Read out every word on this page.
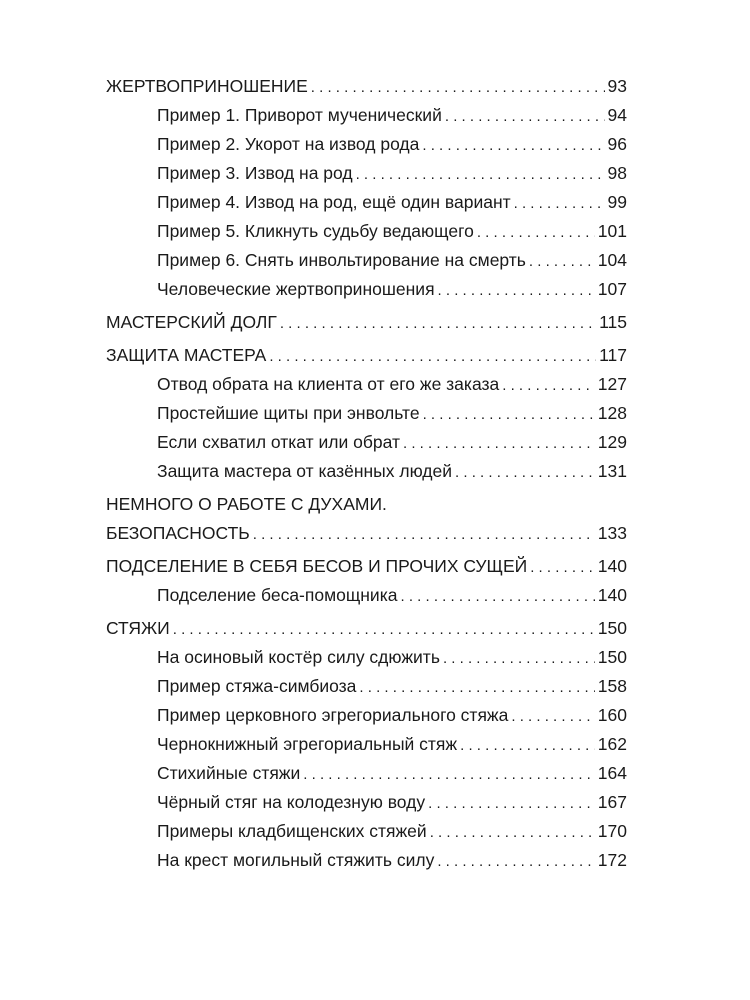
ЖЕРТВОПРИНОШЕНИЕ . . .	93
Пример 1. Приворот мученический . . .	94
Пример 2. Укорот на извод рода . . .	96
Пример 3. Извод на род . . .	98
Пример 4. Извод на род, ещё один вариант . . .	99
Пример 5. Кликнуть судьбу ведающего . . .	101
Пример 6. Снять инвольтирование на смерть . . .	104
Человеческие жертвоприношения . . .	107
МАСТЕРСКИЙ ДОЛГ . . .	115
ЗАЩИТА МАСТЕРА . . .	117
Отвод обрата на клиента от его же заказа . . .	127
Простейшие щиты при энвольте . . .	128
Если схватил откат или обрат . . .	129
Защита мастера от казённых людей . . .	131
НЕМНОГО О РАБОТЕ С ДУХАМИ.
БЕЗОПАСНОСТЬ . . .	133
ПОДСЕЛЕНИЕ В СЕБЯ БЕСОВ И ПРОЧИХ СУЩЕЙ . . .	140
Подселение беса-помощника . . .	140
СТЯЖИ . . .	150
На осиновый костёр силу сдюжить . . .	150
Пример стяжа-симбиоза . . .	158
Пример церковного эгрегориального стяжа . . .	160
Чернокнижный эгрегориальный стяж . . .	162
Стихийные стяжи . . .	164
Чёрный стяг на колодезную воду . . .	167
Примеры кладбищенских стяжей . . .	170
На крест могильный стяжить силу . . .	172
